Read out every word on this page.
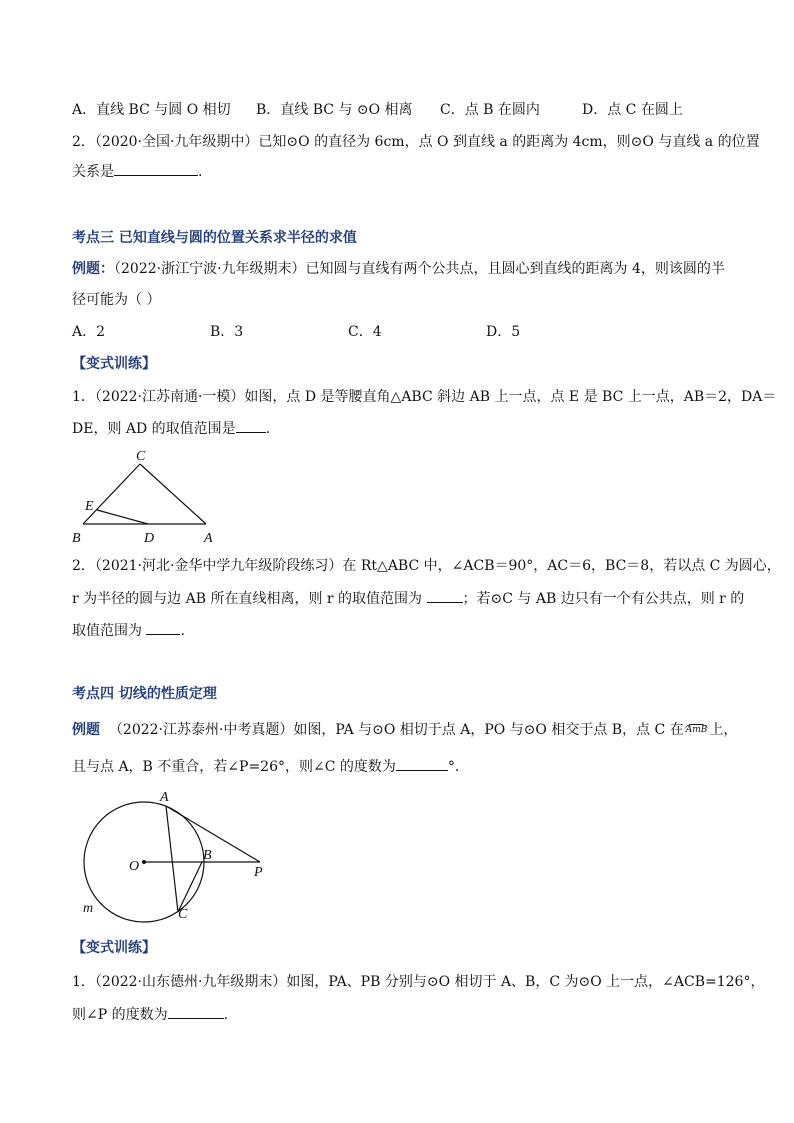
A．直线 BC 与圆 O 相切 B．直线 BC 与 ⊙O 相离 C．点 B 在圆内	D．点 C 在圆上
2．（2020·全国·九年级期中）已知⊙O 的直径为 6cm，点 O 到直线 a 的距离为 4cm，则⊙O 与直线 a 的位置
关系是	.
考点三 已知直线与圆的位置关系求半径的求值
例题：（2022·浙江宁波·九年级期末）已知圆与直线有两个公共点，且圆心到直线的距离为 4，则该圆的半
径可能为（ ）
A．2	B．3	C．4	D．5
【变式训练】
1．（2022·江苏南通·一模）如图，点 D 是等腰直角△ABC 斜边 AB 上一点，点 E 是 BC 上一点，AB＝2，DA＝
DE，则 AD 的取值范围是 .
C
E
B	D	A
2．（2021·河北·金华中学九年级阶段练习）在 Rt△ABC 中，∠ACB＝90°，AC＝6，BC＝8，若以点 C 为圆心，
r 为半径的圆与边 AB 所在直线相离，则 r 的取值范围为	；若⊙C 与 AB 边只有一个有公共点，则 r 的
取值范围为	.
考点四 切线的性质定理
例题 （2022·江苏泰州·中考真题）如图，PA 与⊙O 相切于点 A，PO 与⊙O 相交于点 B，点 C 在 AmB 上，
且与点 A，B 不重合，若∠P=26°，则∠C 的度数为	°.
A
O
B
P
m	C
【变式训练】
1．（2022·山东德州·九年级期末）如图，PA、PB 分别与⊙O 相切于 A、B，C 为⊙O 上一点，∠ACB=126°，
则∠P 的度数为	.
